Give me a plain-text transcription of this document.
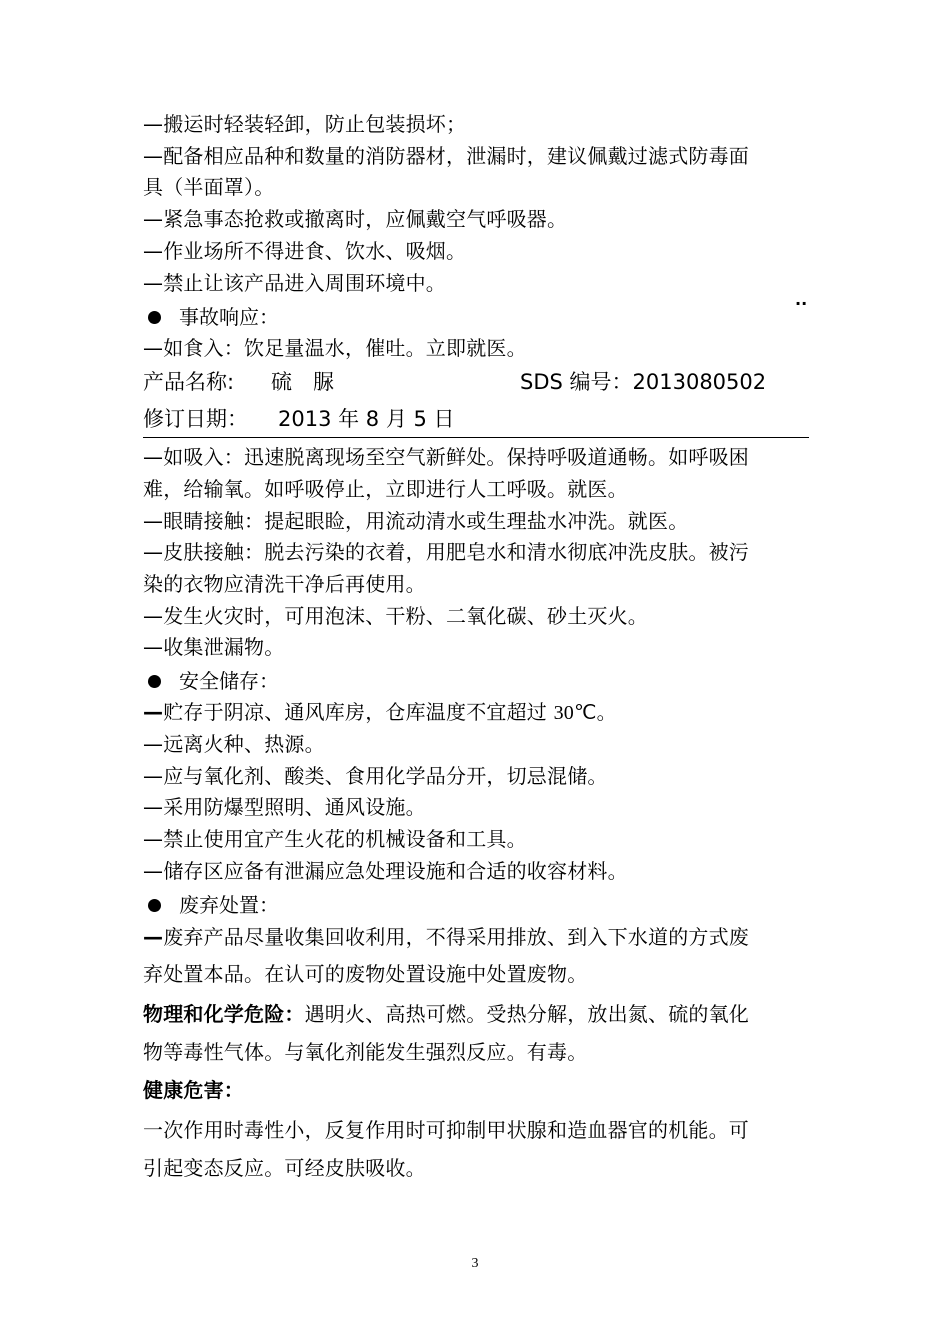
—搬运时轻装轻卸，防止包装损坏；
—配备相应品种和数量的消防器材，泄漏时，建议佩戴过滤式防毒面
具（半面罩）。
—紧急事态抢救或撤离时，应佩戴空气呼吸器。
—作业场所不得进食、饮水、吸烟。
—禁止让该产品进入周围环境中。
..
事故响应：
—如食入：饮足量温水，催吐。立即就医。
产品名称: 硫　脲	SDS 编号：2013080502
修订日期： 2013 年 8 月 5 日
—如吸入：迅速脱离现场至空气新鲜处。保持呼吸道通畅。如呼吸困
难，给输氧。如呼吸停止，立即进行人工呼吸。就医。
—眼睛接触：提起眼睑，用流动清水或生理盐水冲洗。就医。
—皮肤接触：脱去污染的衣着，用肥皂水和清水彻底冲洗皮肤。被污
染的衣物应清洗干净后再使用。
—发生火灾时，可用泡沫、干粉、二氧化碳、砂土灭火。
—收集泄漏物。
安全储存：
—贮存于阴凉、通风库房，仓库温度不宜超过 30℃。
—远离火种、热源。
—应与氧化剂、酸类、食用化学品分开，切忌混储。
—采用防爆型照明、通风设施。
—禁止使用宜产生火花的机械设备和工具。
—储存区应备有泄漏应急处理设施和合适的收容材料。
废弃处置：
—废弃产品尽量收集回收利用，不得采用排放、到入下水道的方式废
弃处置本品。在认可的废物处置设施中处置废物。
物理和化学危险：遇明火、高热可燃。受热分解，放出氮、硫的氧化
物等毒性气体。与氧化剂能发生强烈反应。有毒。
健康危害：
一次作用时毒性小，反复作用时可抑制甲状腺和造血器官的机能。可
引起变态反应。可经皮肤吸收。
3
